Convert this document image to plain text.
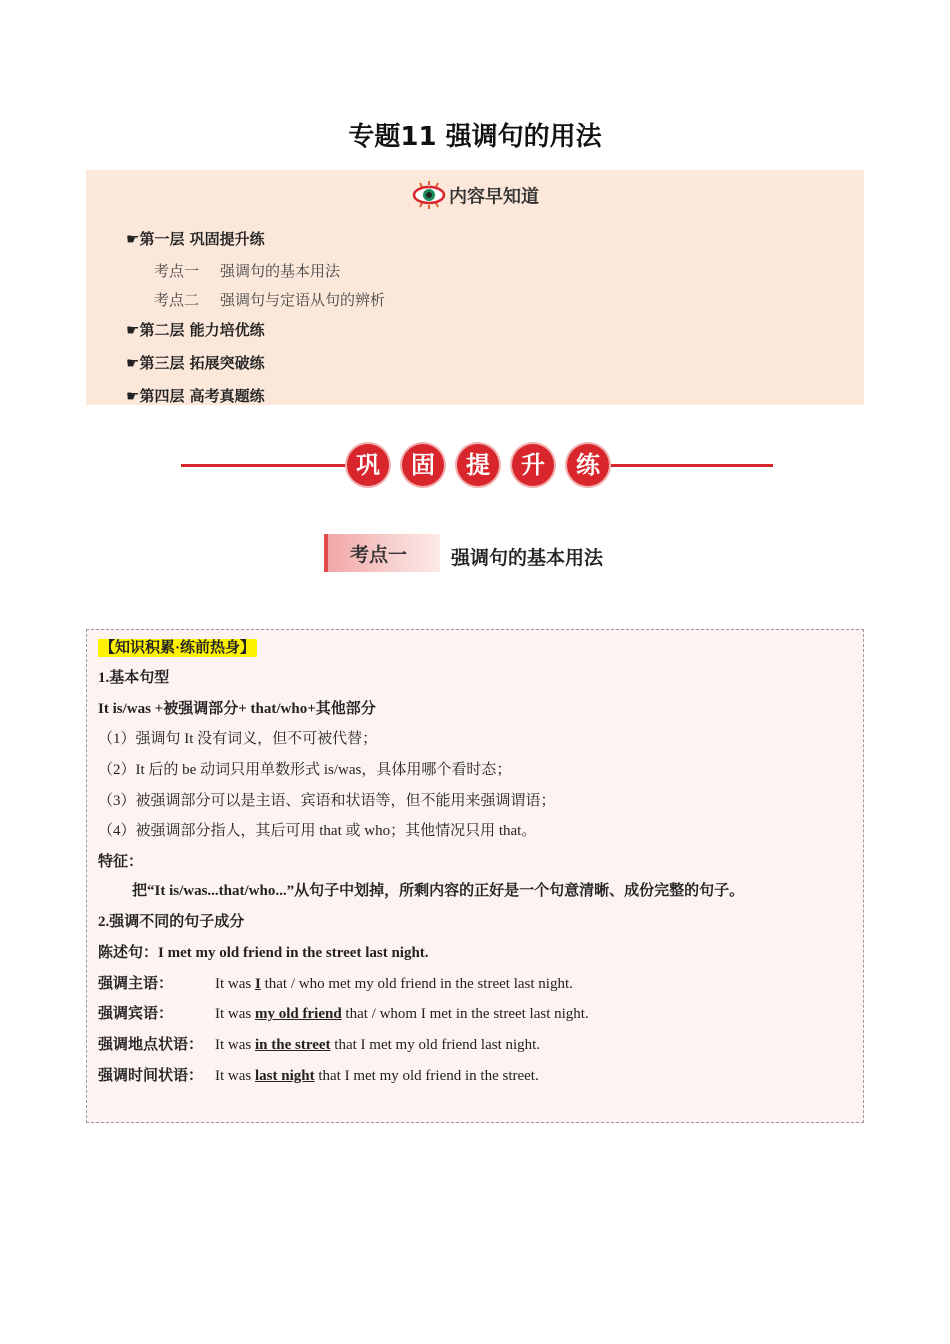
专题11 强调句的用法
内容早知道
☛第一层 巩固提升练
考点一 强调句的基本用法
考点二 强调句与定语从句的辨析
☛第二层 能力培优练
☛第三层 拓展突破练
☛第四层 高考真题练
巩	固	提	升	练
考点一 强调句的基本用法
【知识积累·练前热身】
1.基本句型
It is/was +被强调部分+ that/who+其他部分
（1）强调句 It 没有词义，但不可被代替；
（2）It 后的 be 动词只用单数形式 is/was，具体用哪个看时态；
（3）被强调部分可以是主语、宾语和状语等，但不能用来强调谓语；
（4）被强调部分指人，其后可用 that 或 who；其他情况只用 that。
特征：
把“It is/was...that/who...”从句子中划掉，所剩内容的正好是一个句意清晰、成份完整的句子。
2.强调不同的句子成分
陈述句：I met my old friend in the street last night.
强调主语：	It was I that / who met my old friend in the street last night.
强调宾语：	It was my old friend that / whom I met in the street last night.
强调地点状语： It was in the street that I met my old friend last night.
强调时间状语： It was last night that I met my old friend in the street.
